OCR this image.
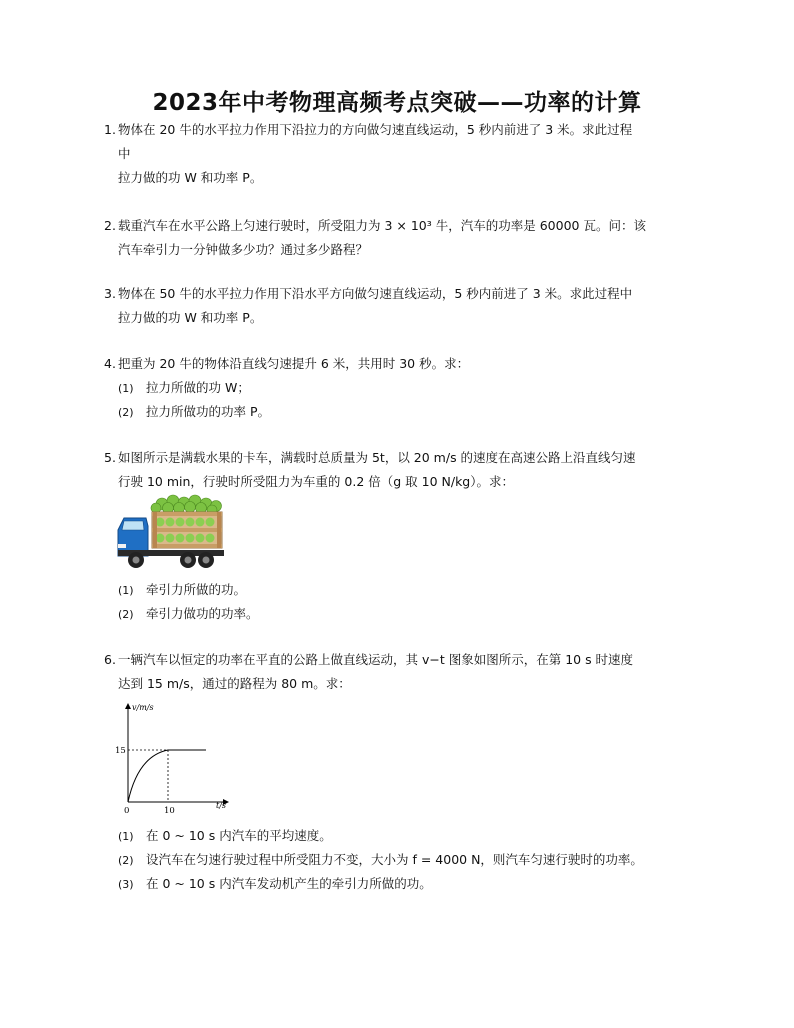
2023年中考物理高频考点突破——功率的计算
1. 物体在 20 牛的水平拉力作用下沿拉力的方向做匀速直线运动，5 秒内前进了 3 米。求此过程
中
拉力做的功 W 和功率 P。
2. 载重汽车在水平公路上匀速行驶时，所受阻力为 3 × 10³ 牛，汽车的功率是 60000 瓦。问：该
汽车牵引力一分钟做多少功？通过多少路程？
3. 物体在 50 牛的水平拉力作用下沿水平方向做匀速直线运动，5 秒内前进了 3 米。求此过程中
拉力做的功 W 和功率 P。
4. 把重为 20 牛的物体沿直线匀速提升 6 米，共用时 30 秒。求：
(1) 拉力所做的功 W；
(2) 拉力所做功的功率 P。
5. 如图所示是满载水果的卡车，满载时总质量为 5t，以 20 m/s 的速度在高速公路上沿直线匀速
行驶 10 min，行驶时所受阻力为车重的 0.2 倍（g 取 10 N/kg）。求：
(1) 牵引力所做的功。
(2) 牵引力做功的功率。
6. 一辆汽车以恒定的功率在平直的公路上做直线运动，其 v−t 图象如图所示，在第 10 s 时速度
达到 15 m/s，通过的路程为 80 m。求：
v/m/s
t/s
15
10
0
(1) 在 0 ~ 10 s 内汽车的平均速度。
(2) 设汽车在匀速行驶过程中所受阻力不变，大小为 f = 4000 N，则汽车匀速行驶时的功率。
(3) 在 0 ~ 10 s 内汽车发动机产生的牵引力所做的功。
